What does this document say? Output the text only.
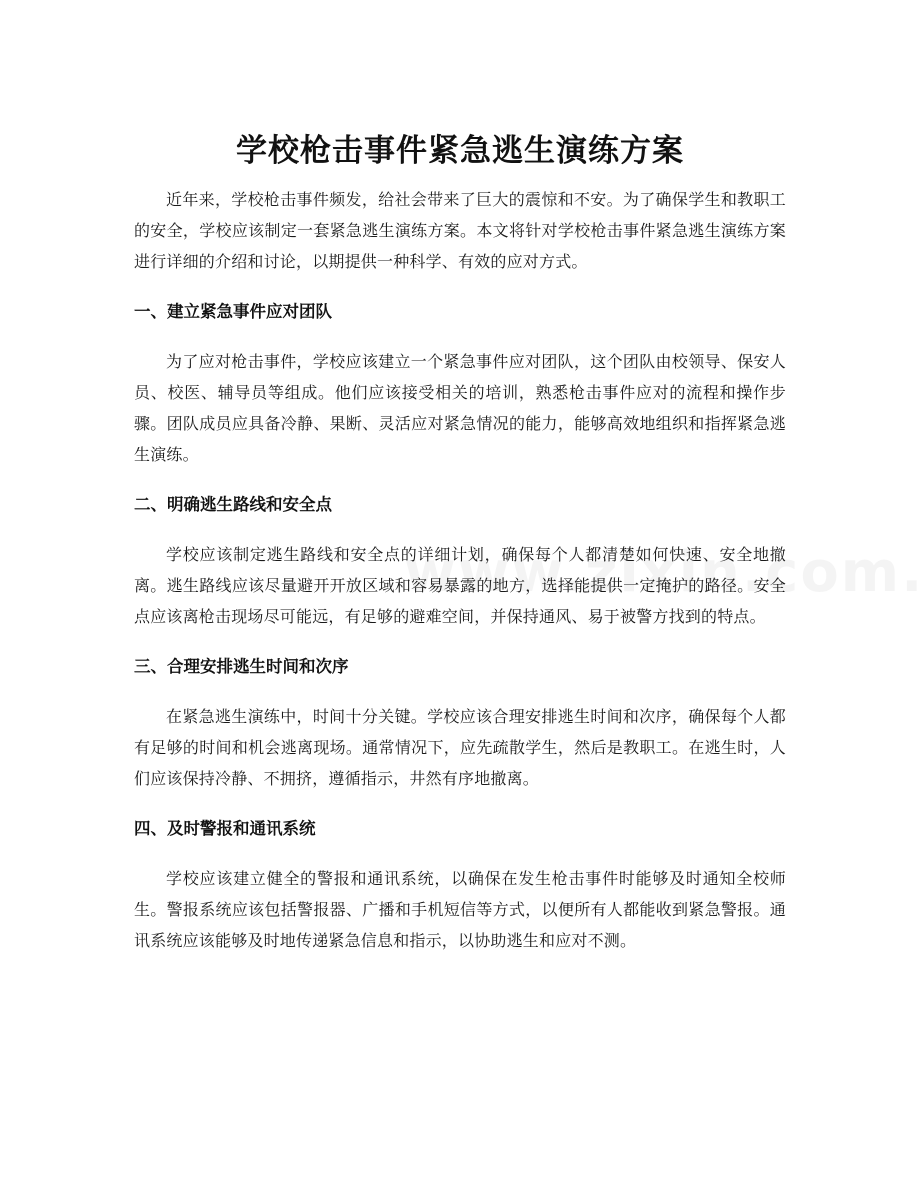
学校枪击事件紧急逃生演练方案

近年来，学校枪击事件频发，给社会带来了巨大的震惊和不安。为了确保学生和教职工的安全，学校应该制定一套紧急逃生演练方案。本文将针对学校枪击事件紧急逃生演练方案进行详细的介绍和讨论，以期提供一种科学、有效的应对方式。

一、建立紧急事件应对团队

为了应对枪击事件，学校应该建立一个紧急事件应对团队，这个团队由校领导、保安人员、校医、辅导员等组成。他们应该接受相关的培训，熟悉枪击事件应对的流程和操作步骤。团队成员应具备冷静、果断、灵活应对紧急情况的能力，能够高效地组织和指挥紧急逃生演练。

二、明确逃生路线和安全点

学校应该制定逃生路线和安全点的详细计划，确保每个人都清楚如何快速、安全地撤离。逃生路线应该尽量避开开放区域和容易暴露的地方，选择能提供一定掩护的路径。安全点应该离枪击现场尽可能远，有足够的避难空间，并保持通风、易于被警方找到的特点。

三、合理安排逃生时间和次序

在紧急逃生演练中，时间十分关键。学校应该合理安排逃生时间和次序，确保每个人都有足够的时间和机会逃离现场。通常情况下，应先疏散学生，然后是教职工。在逃生时，人们应该保持冷静、不拥挤，遵循指示，井然有序地撤离。

四、及时警报和通讯系统

学校应该建立健全的警报和通讯系统，以确保在发生枪击事件时能够及时通知全校师生。警报系统应该包括警报器、广播和手机短信等方式，以便所有人都能收到紧急警报。通讯系统应该能够及时地传递紧急信息和指示，以协助逃生和应对不测。
